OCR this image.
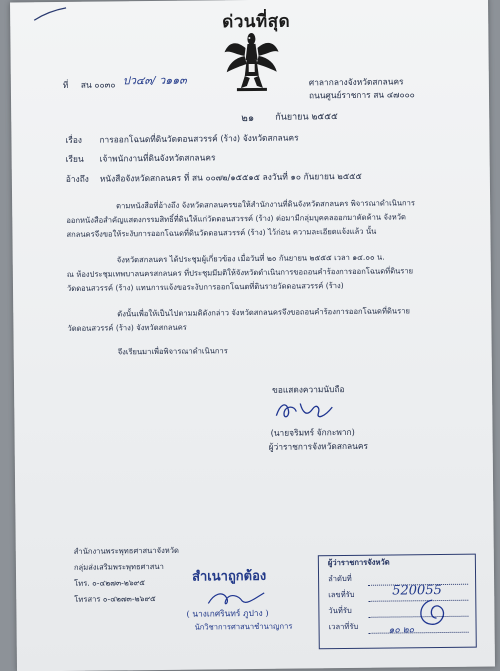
ด่วนที่สุด
ที่ สน ๐๐๓๐ ปว๔๓/ ว๑๑๓	ศาลากลางจังหวัดสกลนคร
ถนนศูนย์ราชการ สน ๔๗๐๐๐
๒๑ กันยายน ๒๕๕๕
เรื่อง การออกโฉนดที่ดินวัดดอนสวรรค์ (ร้าง) จังหวัดสกลนคร
เรียน เจ้าพนักงานที่ดินจังหวัดสกลนคร
อ้างถึง หนังสือจังหวัดสกลนคร ที่ สน ๐๐๗๒/๑๕๕๑๕ ลงวันที่ ๑๐ กันยายน ๒๕๕๕
ตามหนังสือที่อ้างถึง จังหวัดสกลนครขอให้สำนักงานที่ดินจังหวัดสกลนคร พิจารณาดำเนินการ
ออกหนังสือสำคัญแสดงกรรมสิทธิ์ที่ดินให้แก่วัดดอนสวรรค์ (ร้าง) ต่อมามีกลุ่มบุคคลออกมาคัดค้าน จังหวัด
สกลนครจึงขอให้ระงับการออกโฉนดที่ดินวัดดอนสวรรค์ (ร้าง) ไว้ก่อน ความละเอียดแจ้งแล้ว นั้น
จังหวัดสกลนคร ได้ประชุมผู้เกี่ยวข้อง เมื่อวันที่ ๒๐ กันยายน ๒๕๕๕ เวลา ๑๔.๐๐ น.
ณ ห้องประชุมเทพบาลนครสกลนคร ที่ประชุมมีมติให้จังหวัดดำเนินการขอถอนคำร้องการออกโฉนดที่ดินราย
วัดดอนสวรรค์ (ร้าง) แทนการแจ้งขอระงับการออกโฉนดที่ดินรายวัดดอนสวรรค์ (ร้าง)
ดังนั้นเพื่อให้เป็นไปตามมติดังกล่าว จังหวัดสกลนครจึงขอถอนคำร้องการออกโฉนดที่ดินราย
วัดดอนสวรรค์ (ร้าง) จังหวัดสกลนคร
จึงเรียนมาเพื่อพิจารณาดำเนินการ
ขอแสดงความนับถือ
(นายจริมทร์ จักกะพาก)
ผู้ว่าราชการจังหวัดสกลนคร
สำนักงานพระพุทธศาสนาจังหวัด
กลุ่มส่งเสริมพระพุทธศาสนา
โทร. ๐-๔๒๗๓-๒๖๙๕
โทรสาร ๐-๔๒๗๓-๒๖๙๕
สำเนาถูกต้อง
( นางเกศรินทร์ ภูปาง )
นักวิชาการศาสนาชำนาญการ
ผู้ว่าราชการจังหวัด
ลำดับที่
เลขที่รับ	520055
วันที่รับ
เวลาที่รับ	๑๐ ๒๐
